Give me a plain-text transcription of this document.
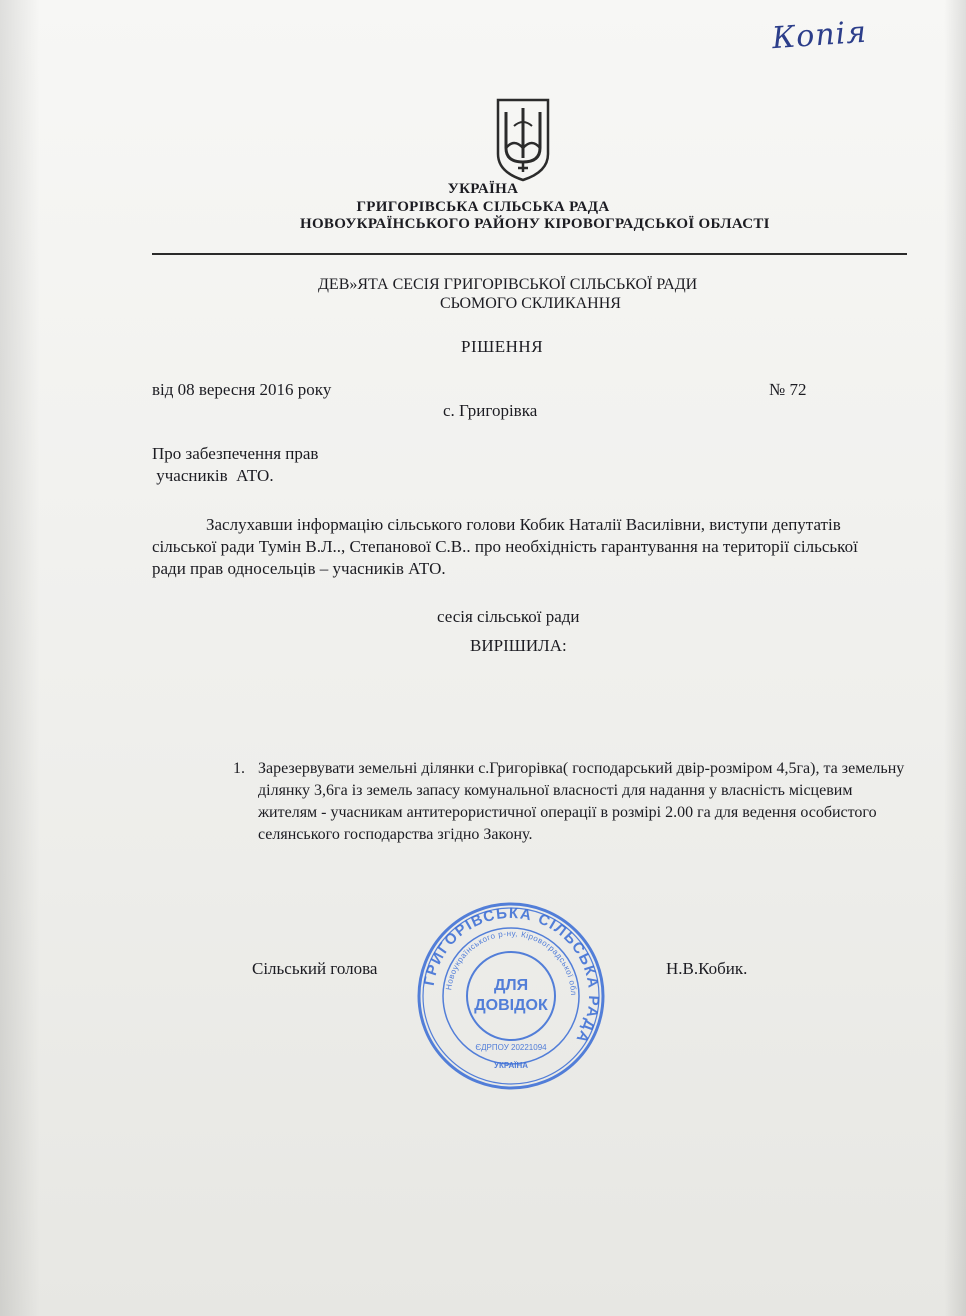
Копія
УКРАЇНА
ГРИГОРІВСЬКА СІЛЬСЬКА РАДА
НОВОУКРАЇНСЬКОГО РАЙОНУ КІРОВОГРАДСЬКОЇ ОБЛАСТІ
ДЕВ»ЯТА СЕСІЯ ГРИГОРІВСЬКОЇ СІЛЬСЬКОЇ РАДИ
СЬОМОГО СКЛИКАННЯ
РІШЕННЯ
від 08 вересня 2016 року	№ 72
с. Григорівка
Про забезпечення прав
учасників  АТО.
Заслухавши інформацію сільського голови Кобик Наталії Василівни, виступи депутатів сільської ради Тумін В.Л.., Степанової С.В.. про необхідність гарантування на території сільської ради прав односельців – учасників АТО.
сесія сільської ради
ВИРІШИЛА:
1. Зарезервувати земельні ділянки с.Григорівка( господарський двір-розміром 4,5га), та земельну ділянку 3,6га із земель запасу комунальної власності для надання у власність місцевим жителям - учасникам антитерористичної операції в розмірі 2.00 га для ведення особистого селянського господарства згідно Закону.
Сільський голова	Н.В.Кобик.
ГРИГОРІВСЬКА СІЛЬСЬКА РАДА
Новоукраїнського р-ну, Кіровоградської обл
ДЛЯ
ДОВІДОК
ЄДРПОУ 20221094
УКРАЇНА
